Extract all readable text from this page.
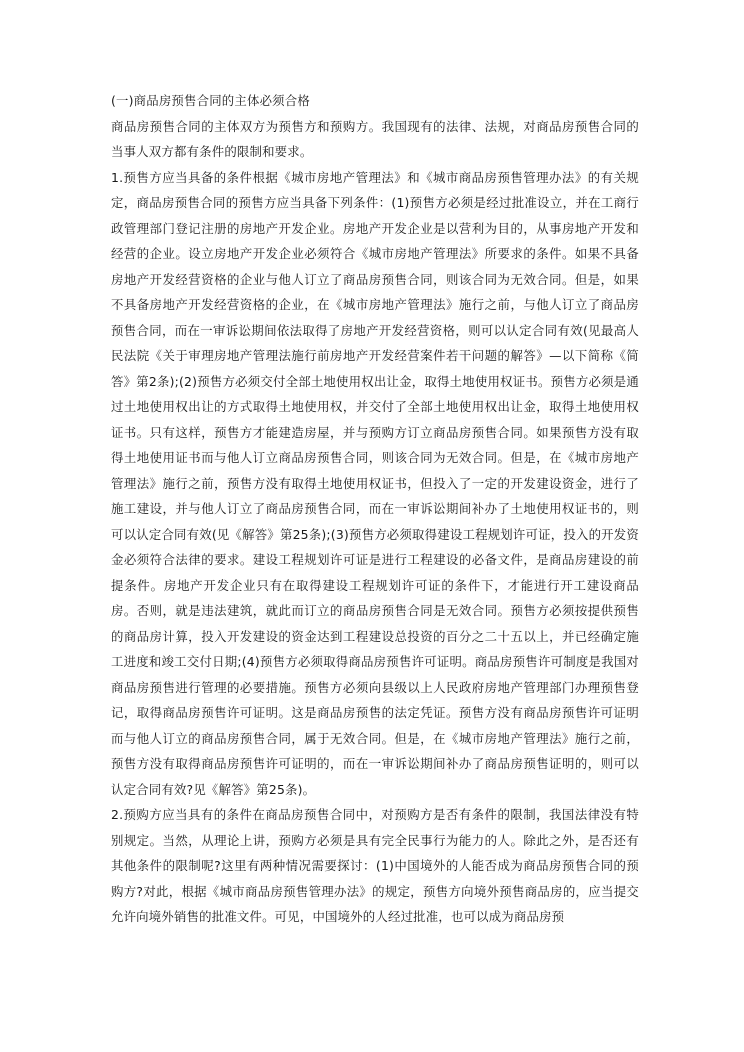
(一)商品房预售合同的主体必须合格

商品房预售合同的主体双方为预售方和预购方。我国现有的法律、法规，对商品房预售合同的当事人双方都有条件的限制和要求。

1.预售方应当具备的条件根据《城市房地产管理法》和《城市商品房预售管理办法》的有关规定，商品房预售合同的预售方应当具备下列条件：(1)预售方必须是经过批准设立，并在工商行政管理部门登记注册的房地产开发企业。房地产开发企业是以营利为目的，从事房地产开发和经营的企业。设立房地产开发企业必须符合《城市房地产管理法》所要求的条件。如果不具备房地产开发经营资格的企业与他人订立了商品房预售合同，则该合同为无效合同。但是，如果不具备房地产开发经营资格的企业，在《城市房地产管理法》施行之前，与他人订立了商品房预售合同，而在一审诉讼期间依法取得了房地产开发经营资格，则可以认定合同有效(见最高人民法院《关于审理房地产管理法施行前房地产开发经营案件若干问题的解答》—以下简称《简答》第2条);(2)预售方必须交付全部土地使用权出让金，取得土地使用权证书。预售方必须是通过土地使用权出让的方式取得土地使用权，并交付了全部土地使用权出让金，取得土地使用权证书。只有这样，预售方才能建造房屋，并与预购方订立商品房预售合同。如果预售方没有取得土地使用证书而与他人订立商品房预售合同，则该合同为无效合同。但是，在《城市房地产管理法》施行之前，预售方没有取得土地使用权证书，但投入了一定的开发建设资金，进行了施工建设，并与他人订立了商品房预售合同，而在一审诉讼期间补办了土地使用权证书的，则可以认定合同有效(见《解答》第25条);(3)预售方必须取得建设工程规划许可证，投入的开发资金必须符合法律的要求。建设工程规划许可证是进行工程建设的必备文件，是商品房建设的前提条件。房地产开发企业只有在取得建设工程规划许可证的条件下，才能进行开工建设商品房。否则，就是违法建筑，就此而订立的商品房预售合同是无效合同。预售方必须按提供预售的商品房计算，投入开发建设的资金达到工程建设总投资的百分之二十五以上，并已经确定施工进度和竣工交付日期;(4)预售方必须取得商品房预售许可证明。商品房预售许可制度是我国对商品房预售进行管理的必要措施。预售方必须向县级以上人民政府房地产管理部门办理预售登记，取得商品房预售许可证明。这是商品房预售的法定凭证。预售方没有商品房预售许可证明而与他人订立的商品房预售合同，属于无效合同。但是，在《城市房地产管理法》施行之前，预售方没有取得商品房预售许可证明的，而在一审诉讼期间补办了商品房预售证明的，则可以认定合同有效?见《解答》第25条)。

2.预购方应当具有的条件在商品房预售合同中，对预购方是否有条件的限制，我国法律没有特别规定。当然，从理论上讲，预购方必须是具有完全民事行为能力的人。除此之外，是否还有其他条件的限制呢?这里有两种情况需要探讨：(1)中国境外的人能否成为商品房预售合同的预购方?对此，根据《城市商品房预售管理办法》的规定，预售方向境外预售商品房的，应当提交允许向境外销售的批准文件。可见，中国境外的人经过批准，也可以成为商品房预
